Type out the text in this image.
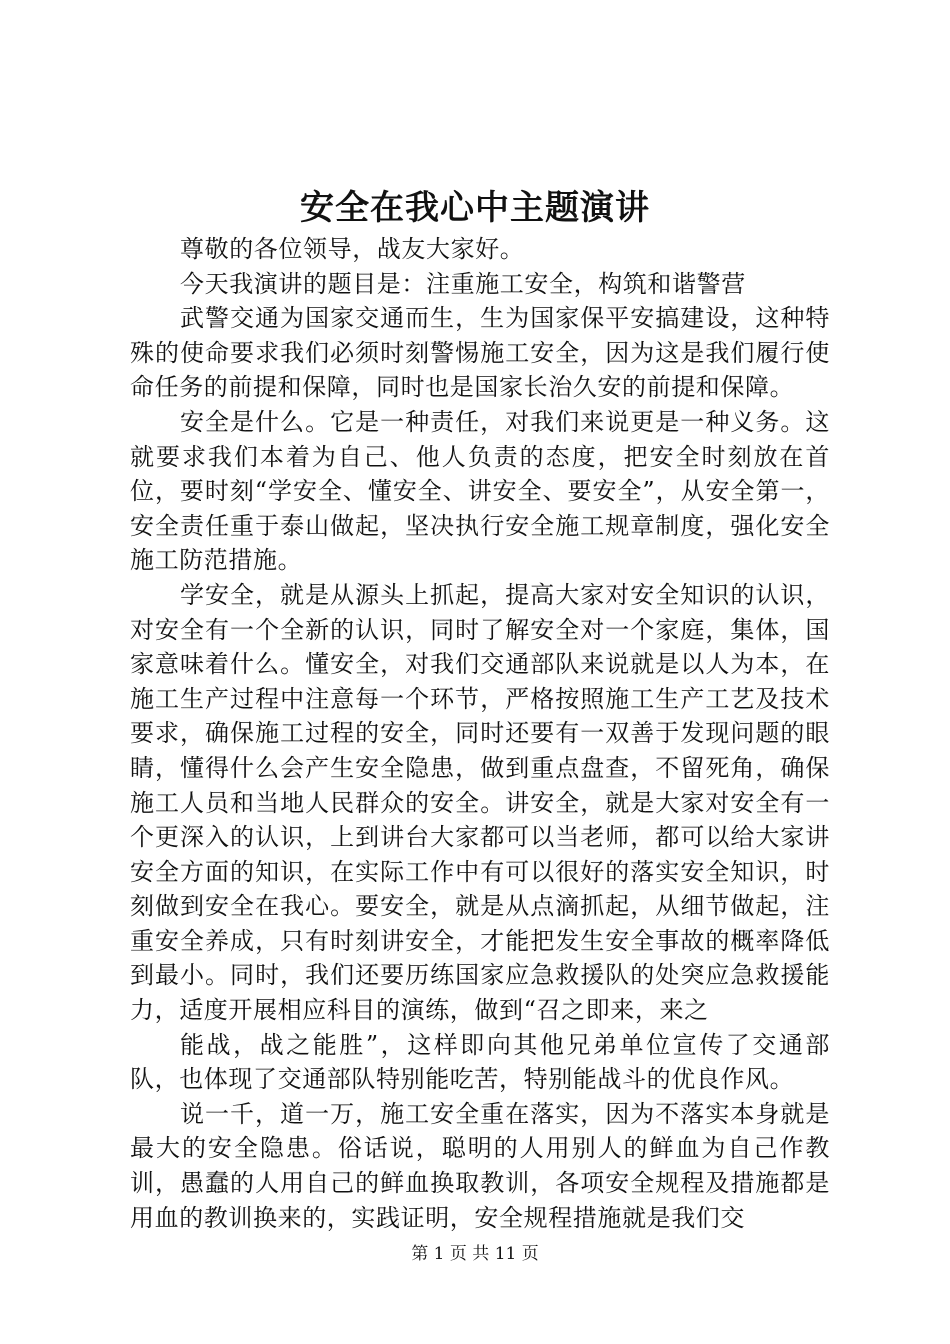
安全在我心中主题演讲

尊敬的各位领导，战友大家好。

今天我演讲的题目是：注重施工安全，构筑和谐警营

武警交通为国家交通而生，生为国家保平安搞建设，这种特殊的使命要求我们必须时刻警惕施工安全，因为这是我们履行使命任务的前提和保障，同时也是国家长治久安的前提和保障。

安全是什么。它是一种责任，对我们来说更是一种义务。这就要求我们本着为自己、他人负责的态度，把安全时刻放在首位，要时刻“学安全、懂安全、讲安全、要安全”，从安全第一，安全责任重于泰山做起，坚决执行安全施工规章制度，强化安全施工防范措施。

学安全，就是从源头上抓起，提高大家对安全知识的认识，对安全有一个全新的认识，同时了解安全对一个家庭，集体，国家意味着什么。懂安全，对我们交通部队来说就是以人为本，在施工生产过程中注意每一个环节，严格按照施工生产工艺及技术要求，确保施工过程的安全，同时还要有一双善于发现问题的眼睛，懂得什么会产生安全隐患，做到重点盘查，不留死角，确保施工人员和当地人民群众的安全。讲安全，就是大家对安全有一个更深入的认识，上到讲台大家都可以当老师，都可以给大家讲安全方面的知识，在实际工作中有可以很好的落实安全知识，时刻做到安全在我心。要安全，就是从点滴抓起，从细节做起，注重安全养成，只有时刻讲安全，才能把发生安全事故的概率降低到最小。同时，我们还要历练国家应急救援队的处突应急救援能力，适度开展相应科目的演练，做到“召之即来，来之

能战，战之能胜”，这样即向其他兄弟单位宣传了交通部队，也体现了交通部队特别能吃苦，特别能战斗的优良作风。

说一千，道一万，施工安全重在落实，因为不落实本身就是最大的安全隐患。俗话说，聪明的人用别人的鲜血为自己作教训，愚蠢的人用自己的鲜血换取教训，各项安全规程及措施都是用血的教训换来的，实践证明，安全规程措施就是我们交

第 1 页 共 11 页
